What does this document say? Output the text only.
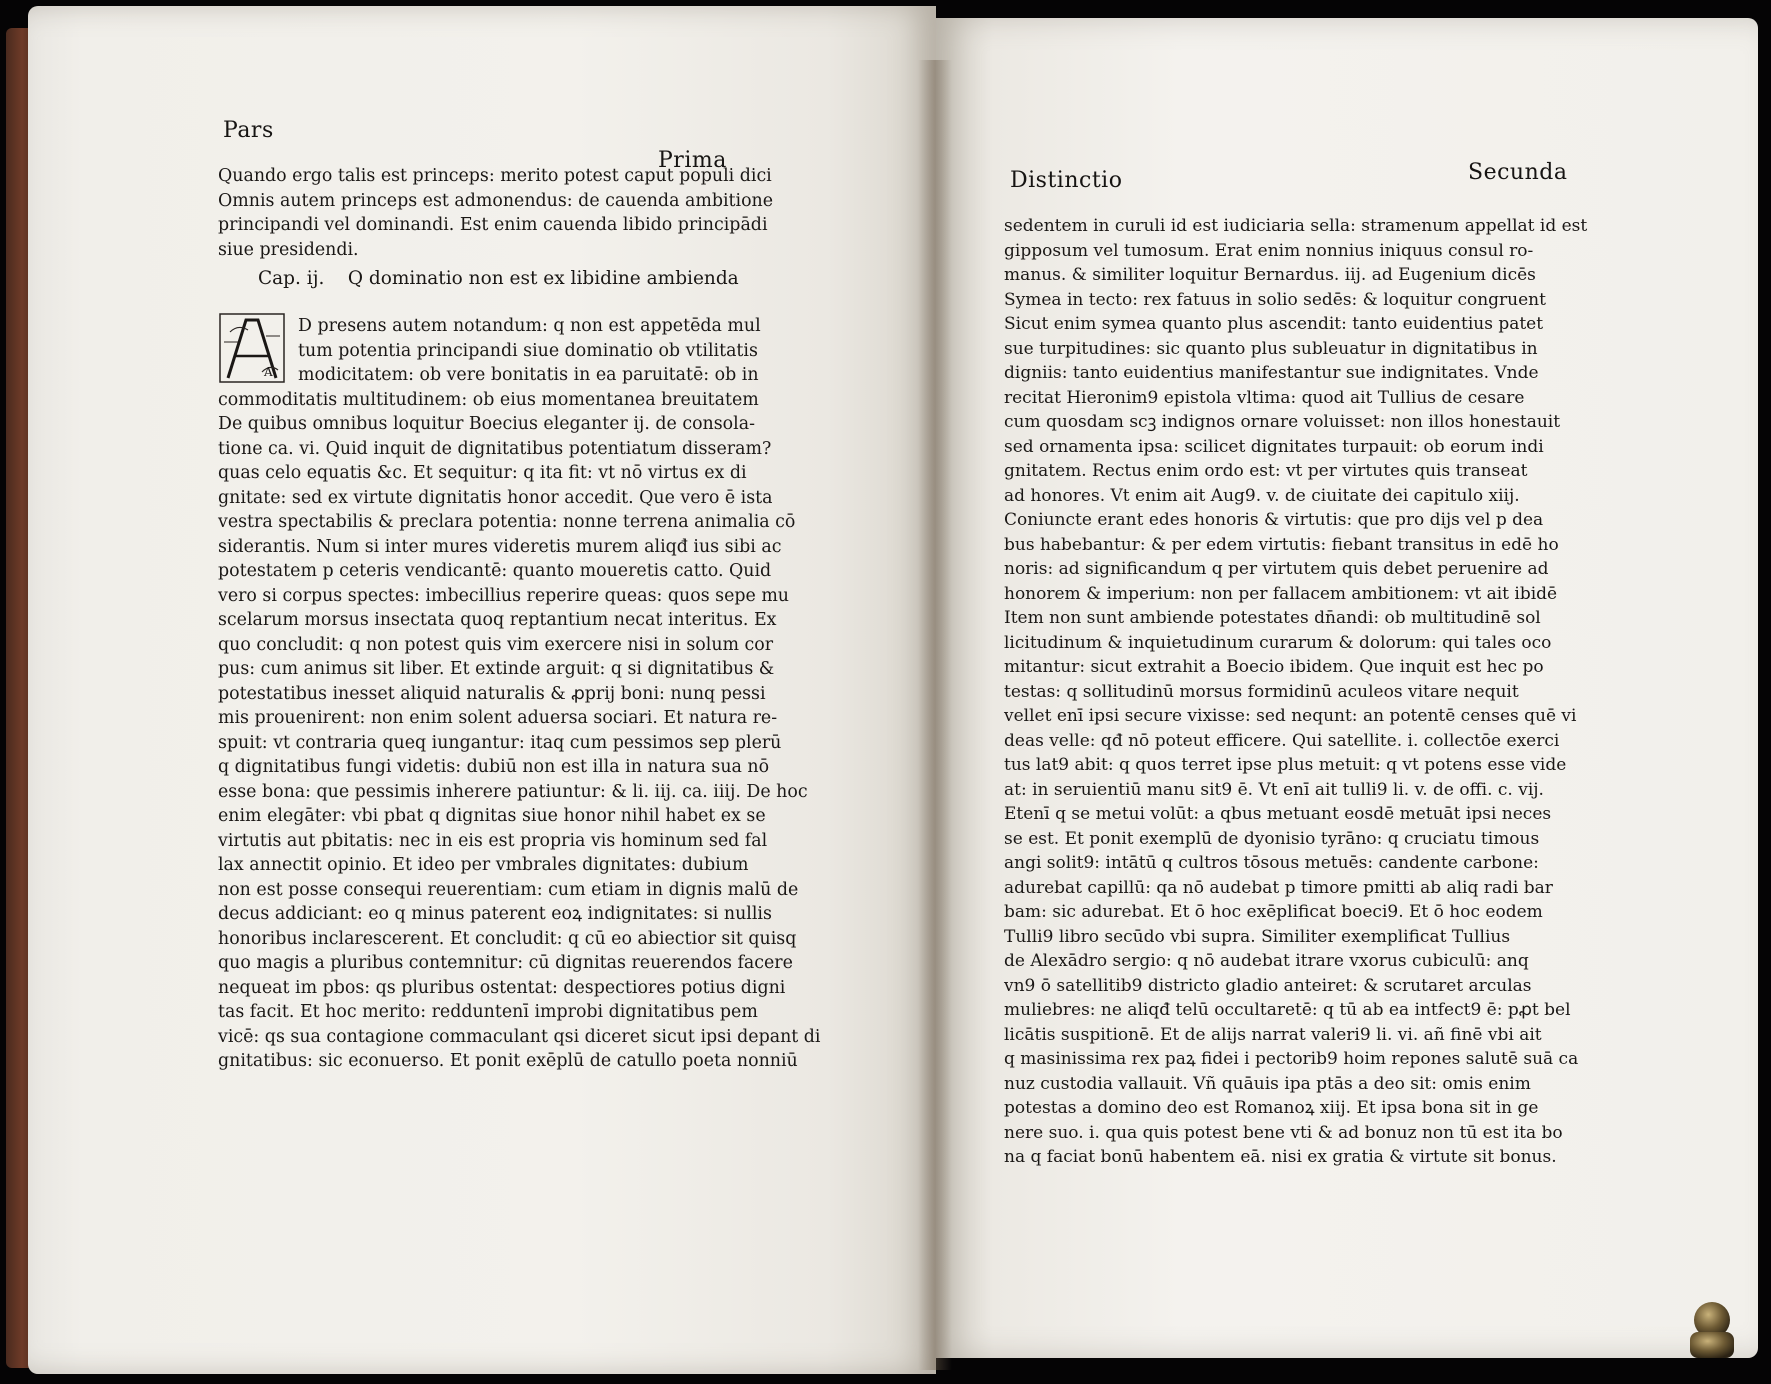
Pars
Prima
Quando ergo talis est princeps: merito potest caput populi dici
Omnis autem princeps est admonendus: de cauenda ambitione
principandi vel dominandi. Est enim cauenda libido principādi
siue presidendi.
Cap. ij. Q dominatio non est ex libidine ambienda
A
D presens autem notandum: q non est appetēda mul
tum potentia principandi siue dominatio ob vtilitatis
modicitatem: ob vere bonitatis in ea paruitatē: ob in
commoditatis multitudinem: ob eius momentanea breuitatem
De quibus omnibus loquitur Boecius eleganter ij. de consola-
tione ca. vi. Quid inquit de dignitatibus potentiatum disseram?
quas celo equatis &c. Et sequitur: q ita fit: vt nō virtus ex di
gnitate: sed ex virtute dignitatis honor accedit. Que vero ē ista
vestra spectabilis & preclara potentia: nonne terrena animalia cō
siderantis. Num si inter mures videretis murem aliqđ ius sibi ac
potestatem p ceteris vendicantē: quanto moueretis catto. Quid
vero si corpus spectes: imbecillius reperire queas: quos sepe mu
scelarum morsus insectata quoq reptantium necat interitus. Ex
quo concludit: q non potest quis vim exercere nisi in solum cor
pus: cum animus sit liber. Et extinde arguit: q si dignitatibus &
potestatibus inesset aliquid naturalis & ꝓprij boni: nunq pessi
mis prouenirent: non enim solent aduersa sociari. Et natura re-
spuit: vt contraria queq iungantur: itaq cum pessimos sep plerū
q dignitatibus fungi videtis: dubiū non est illa in natura sua nō
esse bona: que pessimis inherere patiuntur: & li. iij. ca. iiij. De hoc
enim elegāter: vbi pbat q dignitas siue honor nihil habet ex se
virtutis aut pbitatis: nec in eis est propria vis hominum sed fal
lax annectit opinio. Et ideo per vmbrales dignitates: dubium
non est posse consequi reuerentiam: cum etiam in dignis malū de
decus addiciant: eo q minus paterent eoꝝ indignitates: si nullis
honoribus inclarescerent. Et concludit: q cū eo abiectior sit quisq
quo magis a pluribus contemnitur: cū dignitas reuerendos facere
nequeat im pbos: qs pluribus ostentat: despectiores potius digni
tas facit. Et hoc merito: redduntenī improbi dignitatibus pem
vicē: qs sua contagione commaculant qsi diceret sicut ipsi depant di
gnitatibus: sic econuerso. Et ponit exēplū de catullo poeta nonniū
Distinctio	Secunda
sedentem in curuli id est iudiciaria sella: stramenum appellat id est
gipposum vel tumosum. Erat enim nonnius iniquus consul ro-
manus. & similiter loquitur Bernardus. iij. ad Eugenium dicēs
Symea in tecto: rex fatuus in solio sedēs: & loquitur congruent
Sicut enim symea quanto plus ascendit: tanto euidentius patet
sue turpitudines: sic quanto plus subleuatur in dignitatibus in
digniis: tanto euidentius manifestantur sue indignitates. Vnde
recitat Hieronim9 epistola vltima: quod ait Tullius de cesare
cum quosdam scꝫ indignos ornare voluisset: non illos honestauit
sed ornamenta ipsa: scilicet dignitates turpauit: ob eorum indi
gnitatem. Rectus enim ordo est: vt per virtutes quis transeat
ad honores. Vt enim ait Aug9. v. de ciuitate dei capitulo xiij.
Coniuncte erant edes honoris & virtutis: que pro dijs vel p dea
bus habebantur: & per edem virtutis: fiebant transitus in edē ho
noris: ad significandum q per virtutem quis debet peruenire ad
honorem & imperium: non per fallacem ambitionem: vt ait ibidē
Item non sunt ambiende potestates dn̄andi: ob multitudinē sol
licitudinum & inquietudinum curarum & dolorum: qui tales oco
mitantur: sicut extrahit a Boecio ibidem. Que inquit est hec po
testas: q sollitudinū morsus formidinū aculeos vitare nequit
vellet enī ipsi secure vixisse: sed nequnt: an potentē censes quē vi
deas velle: qđ nō poteut efficere. Qui satellite. i. collectōe exerci
tus lat9 abit: q quos terret ipse plus metuit: q vt potens esse vide
at: in seruientiū manu sit9 ē. Vt enī ait tulli9 li. v. de offi. c. vij.
Etenī q se metui volūt: a qbus metuant eosdē metuāt ipsi neces
se est. Et ponit exemplū de dyonisio tyrāno: q cruciatu timous
angi solit9: intātū q cultros tōsous metuēs: candente carbone:
adurebat capillū: qa nō audebat p timore pmitti ab aliq radi bar
bam: sic adurebat. Et ō hoc exēplificat boeci9. Et ō hoc eodem
Tulli9 libro secūdo vbi supra. Similiter exemplificat Tullius
de Alexādro sergio: q nō audebat itrare vxorus cubiculū: anq
vn9 ō satellitib9 districto gladio anteiret: & scrutaret arculas
muliebres: ne aliqđ telū occultaretē: q tū ab ea intfect9 ē: pꝓt bel
licātis suspitionē. Et de alijs narrat valeri9 li. vi. añ finē vbi ait
q masinissima rex paꝝ fidei i pectorib9 hoim repones salutē suā ca
nuz custodia vallauit. Vñ quāuis ipa ptās a deo sit: omis enim
potestas a domino deo est Romanoꝝ xiij. Et ipsa bona sit in ge
nere suo. i. qua quis potest bene vti & ad bonuz non tū est ita bo
na q faciat bonū habentem eā. nisi ex gratia & virtute sit bonus.
